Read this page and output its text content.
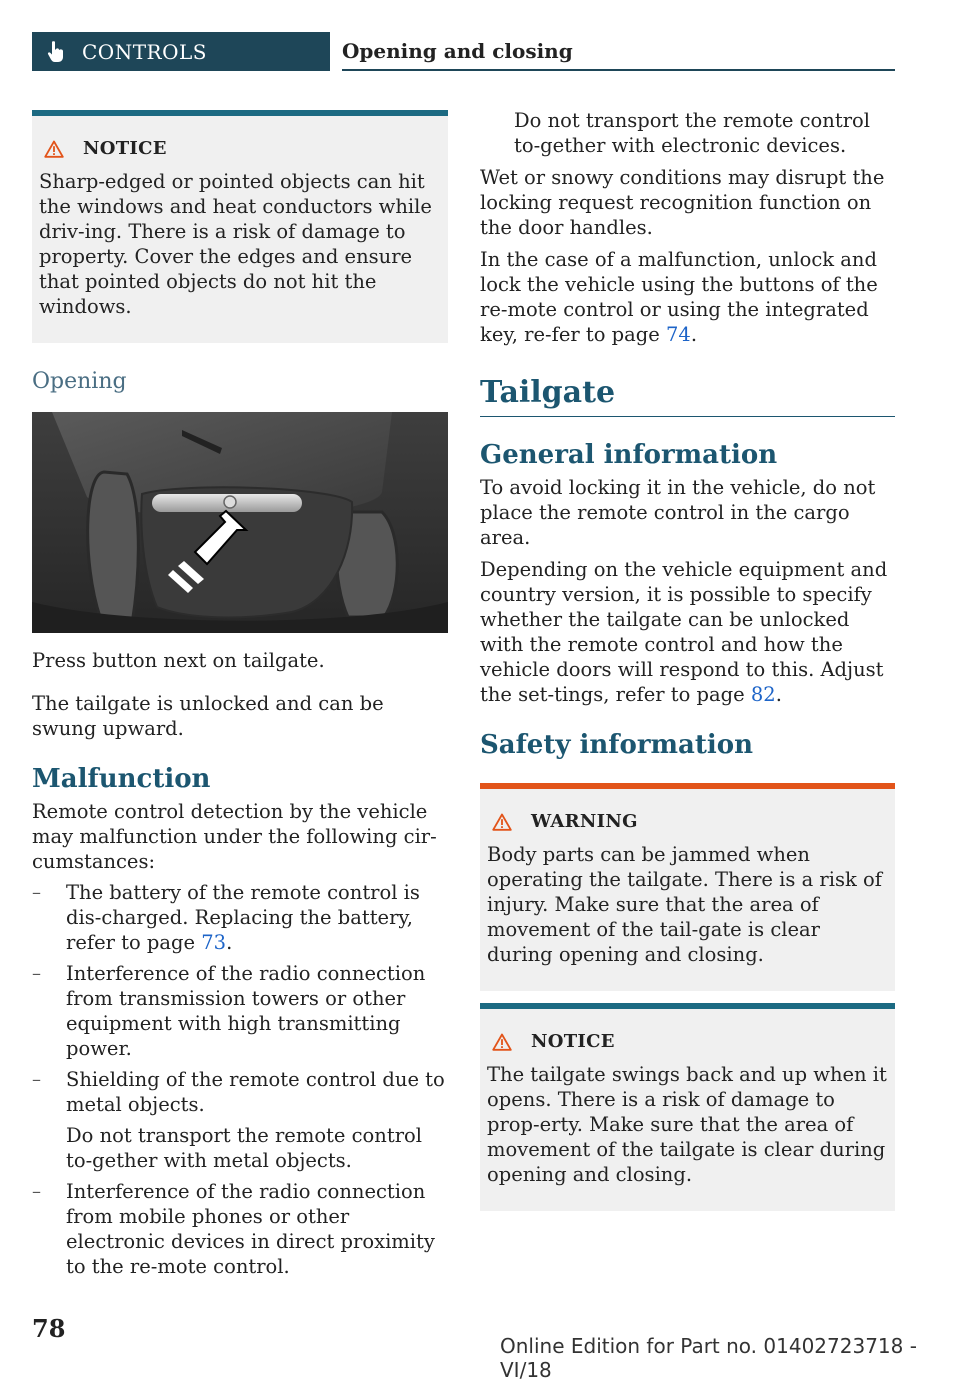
CONTROLS	Opening and closing
NOTICE

Sharp-edged or pointed objects can hit the windows and heat conductors while driv-ing. There is a risk of damage to property. Cover the edges and ensure that pointed objects do not hit the windows.

Opening

Press button next on tailgate.

The tailgate is unlocked and can be swung upward.

Malfunction

Remote control detection by the vehicle may malfunction under the following cir-cumstances:

– The battery of the remote control is dis-charged. Replacing the battery, refer to page 73.

– Interference of the radio connection from transmission towers or other equipment with high transmitting power.

– Shielding of the remote control due to metal objects.

Do not transport the remote control to-gether with metal objects.

– Interference of the radio connection from mobile phones or other electronic devices in direct proximity to the re-mote control.

Do not transport the remote control to-gether with electronic devices.

Wet or snowy conditions may disrupt the locking request recognition function on the door handles.

In the case of a malfunction, unlock and lock the vehicle using the buttons of the re-mote control or using the integrated key, re-fer to page 74.

Tailgate
General information

To avoid locking it in the vehicle, do not place the remote control in the cargo area.

Depending on the vehicle equipment and country version, it is possible to specify whether the tailgate can be unlocked with the remote control and how the vehicle doors will respond to this. Adjust the set-tings, refer to page 82.

Safety information
WARNING

Body parts can be jammed when operating the tailgate. There is a risk of injury. Make sure that the area of movement of the tail-gate is clear during opening and closing.

NOTICE

The tailgate swings back and up when it opens. There is a risk of damage to prop-erty. Make sure that the area of movement of the tailgate is clear during opening and closing.

78
Online Edition for Part no. 01402723718 - VI/18
